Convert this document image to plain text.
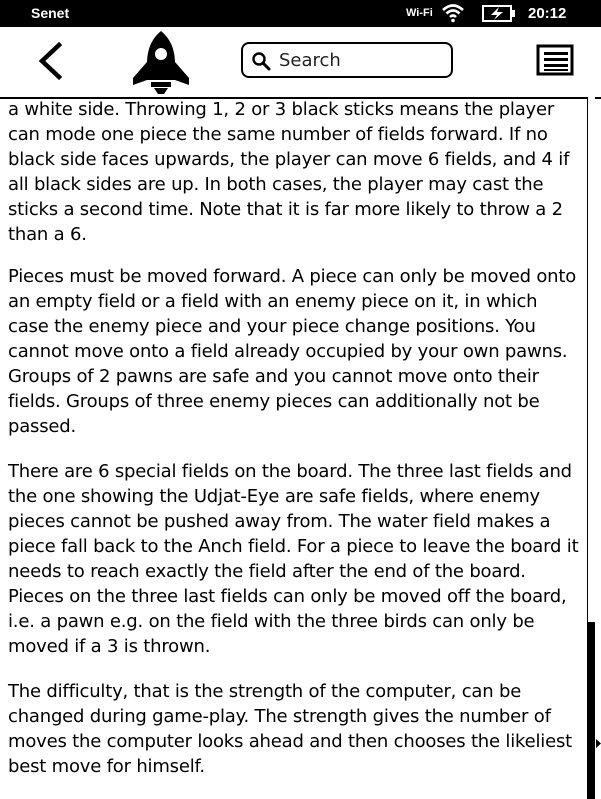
Senet	Wi-Fi	20:12
Search

a white side. Throwing 1, 2 or 3 black sticks means the player can mode one piece the same number of fields forward. If no black side faces upwards, the player can move 6 fields, and 4 if all black sides are up. In both cases, the player may cast the sticks a second time. Note that it is far more likely to throw a 2 than a 6.

Pieces must be moved forward. A piece can only be moved onto an empty field or a field with an enemy piece on it, in which case the enemy piece and your piece change positions. You cannot move onto a field already occupied by your own pawns. Groups of 2 pawns are safe and you cannot move onto their fields. Groups of three enemy pieces can additionally not be passed.

There are 6 special fields on the board. The three last fields and the one showing the Udjat-Eye are safe fields, where enemy pieces cannot be pushed away from. The water field makes a piece fall back to the Anch field. For a piece to leave the board it needs to reach exactly the field after the end of the board. Pieces on the three last fields can only be moved off the board, i.e. a pawn e.g. on the field with the three birds can only be moved if a 3 is thrown.

The difficulty, that is the strength of the computer, can be changed during game-play. The strength gives the number of moves the computer looks ahead and then chooses the likeliest best move for himself.
